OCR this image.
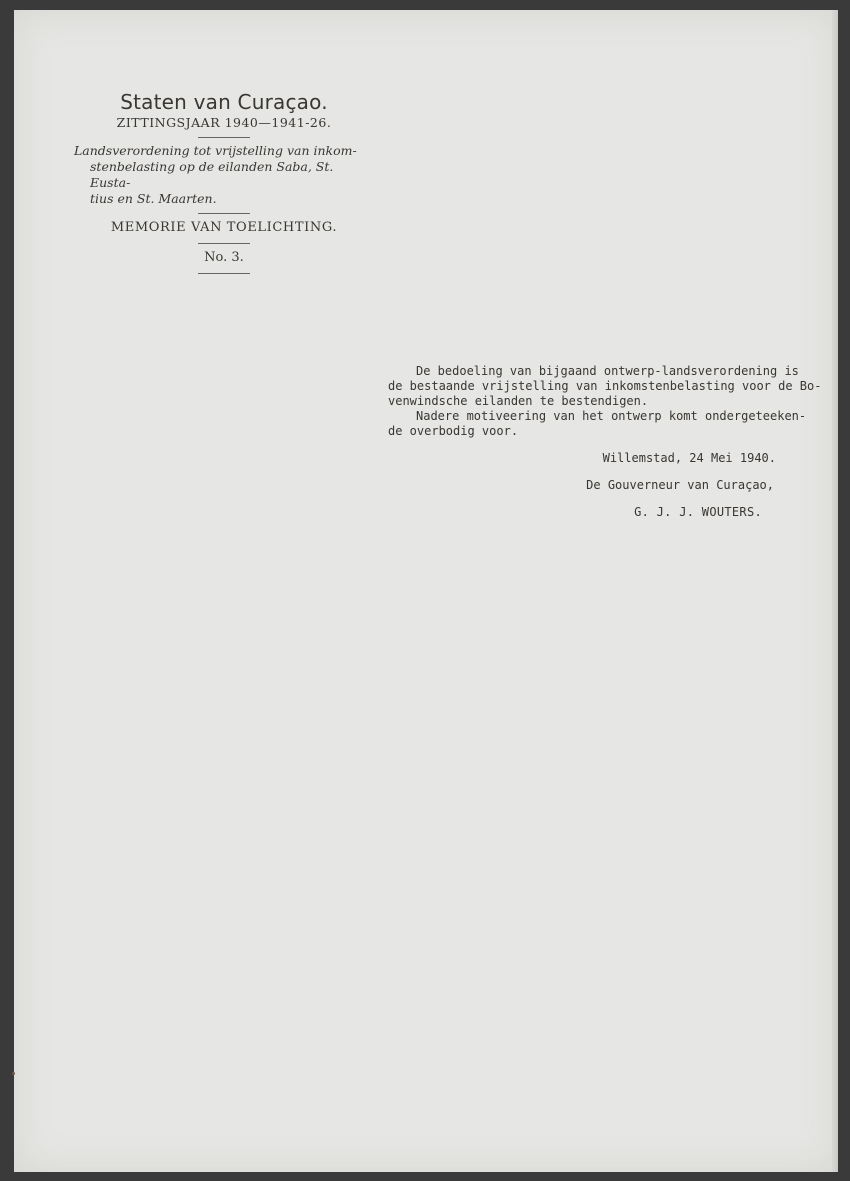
Staten van Curaçao.
ZITTINGSJAAR 1940—1941-26.
Landsverordening tot vrijstelling van inkom-
stenbelasting op de eilanden Saba, St. Eusta-
tius en St. Maarten.
MEMORIE VAN TOELICHTING.
No. 3.

De bedoeling van bijgaand ontwerp-landsverordening is
de bestaande vrijstelling van inkomstenbelasting voor de Bo-
venwindsche eilanden te bestendigen.

Nadere motiveering van het ontwerp komt ondergeteeken-
de overbodig voor.

Willemstad, 24 Mei 1940.
De Gouverneur van Curaçao,
G. J. J. WOUTERS.
